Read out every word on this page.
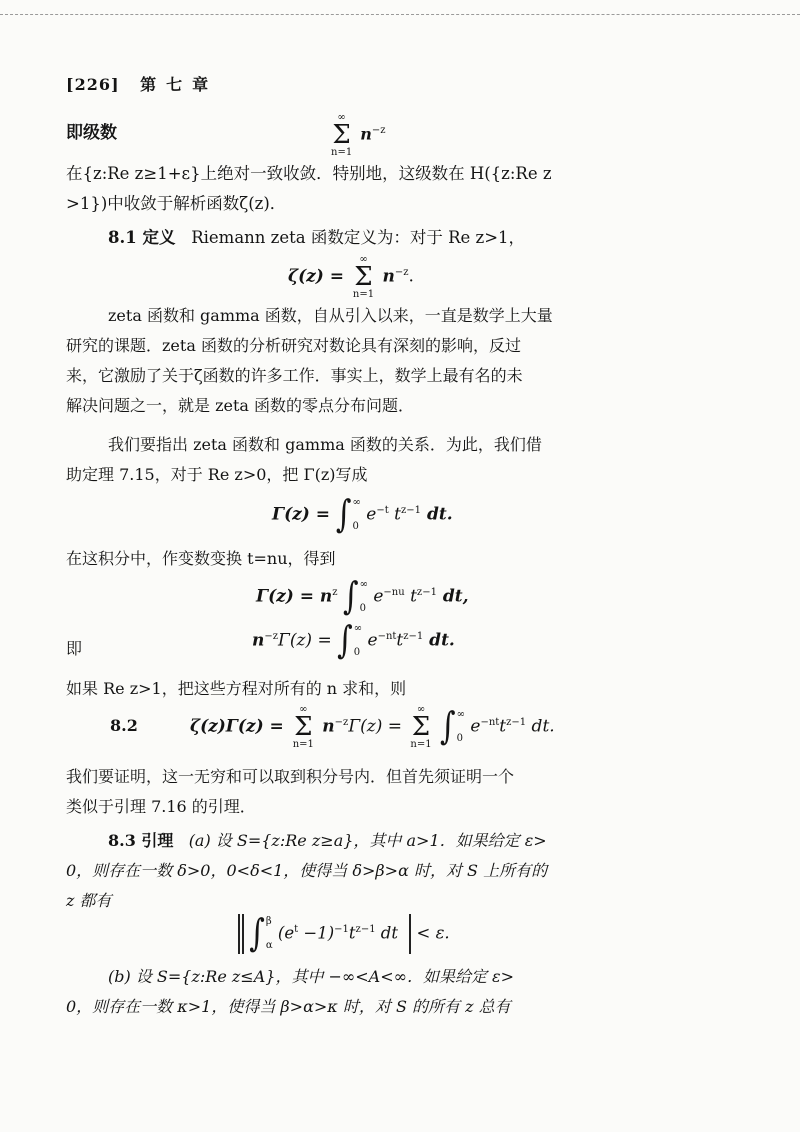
[226] 第七章
即级数
∞
Σ
n=1
$n^{-z}$
在{z:Re z≥1+ε}上绝对一致收敛．特别地，这级数在 H({z:Re z
>1})中收敛于解析函数ζ(z)．
8.1 定义 Riemann zeta 函数定义为：对于 Re z>1，
ζ(z) =
∞
Σ
n=1
$n^{-z}$.
zeta 函数和 gamma 函数，自从引入以来，一直是数学上大量
研究的课题．zeta 函数的分析研究对数论具有深刻的影响，反过
来，它激励了关于ζ函数的许多工作．事实上，数学上最有名的未
解决问题之一，就是 zeta 函数的零点分布问题．
我们要指出 zeta 函数和 gamma 函数的关系．为此，我们借
助定理 7.15，对于 Re z>0，把 Γ(z)写成
Γ(z) = ∫ ∞
0
$e^{-t}$ $t^{z-1}$ dt.
在这积分中，作变数变换 t=nu，得到
$\Gamma(z) = n^z$ ∫ ∞
0
$e^{-nu}$ $t^{z-1}$ dt,
即	$n^{-z}\Gamma(z)$ = ∫ ∞
0
$e^{-nt}t^{z-1}$ dt.
如果 Re z>1，把这些方程对所有的 n 求和，则
8.2	ζ(z)Γ(z) =
∞
Σ
n=1
$n^{-z}\Gamma(z)$ =
∞
Σ
n=1
∫ ∞
0
$e^{-nt}t^{z-1}$ dt.
我们要证明，这一无穷和可以取到积分号内．但首先须证明一个
类似于引理 7.16 的引理．
8.3 引理 (a) 设 S={z:Re z≥a}，其中 a>1．如果给定 ε>
0，则存在一数 δ>0，0<δ<1，使得当 δ>β>α 时，对 S 上所有的
z 都有

∫ β
α
$(e^t -1)^{-1}t^{z-1}$ dt  < ε.
(b) 设 S={z:Re z≤A}，其中 −∞<A<∞．如果给定 ε>
0，则存在一数 κ>1，使得当 β>α>κ 时，对 S 的所有 z 总有
